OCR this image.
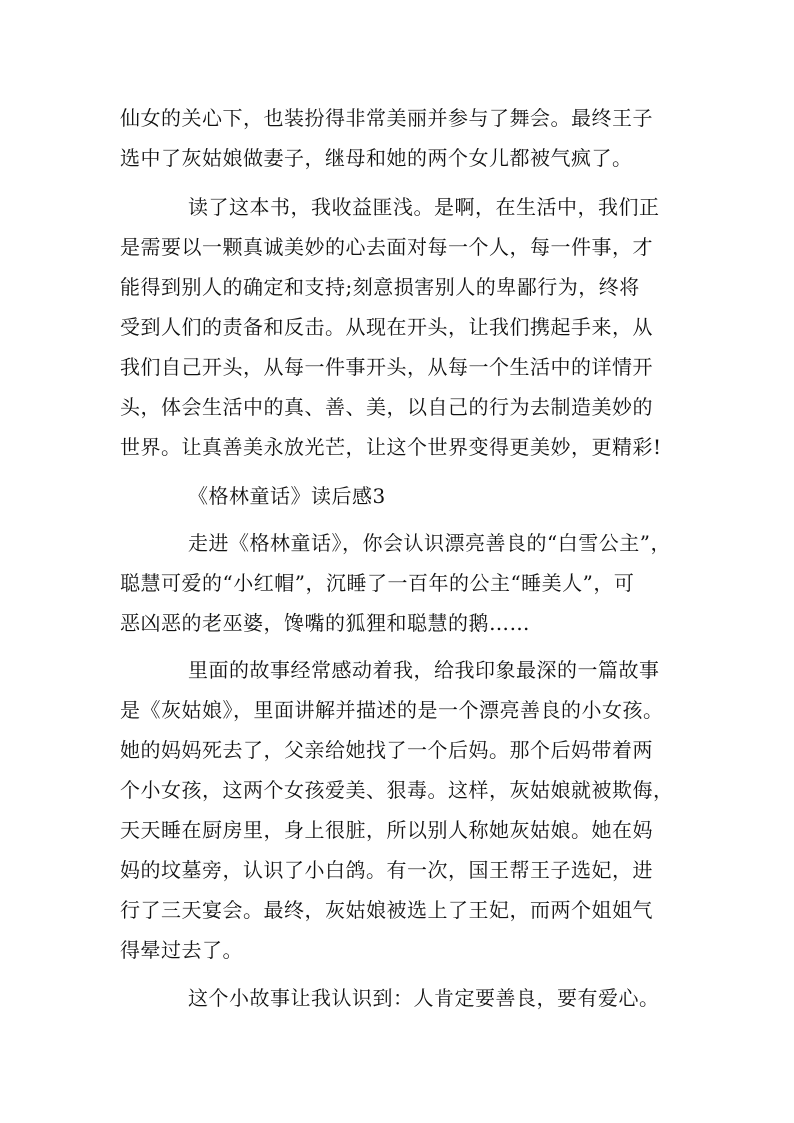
仙女的关心下，也装扮得非常美丽并参与了舞会。最终王子
选中了灰姑娘做妻子，继母和她的两个女儿都被气疯了。
读了这本书，我收益匪浅。是啊，在生活中，我们正
是需要以一颗真诚美妙的心去面对每一个人，每一件事，才
能得到别人的确定和支持;刻意损害别人的卑鄙行为，终将
受到人们的责备和反击。从现在开头，让我们携起手来，从
我们自己开头，从每一件事开头，从每一个生活中的详情开
头，体会生活中的真、善、美，以自己的行为去制造美妙的
世界。让真善美永放光芒，让这个世界变得更美妙，更精彩!
《格林童话》读后感3
走进《格林童话》，你会认识漂亮善良的“白雪公主”，
聪慧可爱的“小红帽”，沉睡了一百年的公主“睡美人”，可
恶凶恶的老巫婆，馋嘴的狐狸和聪慧的鹅……
里面的故事经常感动着我，给我印象最深的一篇故事
是《灰姑娘》，里面讲解并描述的是一个漂亮善良的小女孩。
她的妈妈死去了，父亲给她找了一个后妈。那个后妈带着两
个小女孩，这两个女孩爱美、狠毒。这样，灰姑娘就被欺侮，
天天睡在厨房里，身上很脏，所以别人称她灰姑娘。她在妈
妈的坟墓旁，认识了小白鸽。有一次，国王帮王子选妃，进
行了三天宴会。最终，灰姑娘被选上了王妃，而两个姐姐气
得晕过去了。
这个小故事让我认识到：人肯定要善良，要有爱心。
